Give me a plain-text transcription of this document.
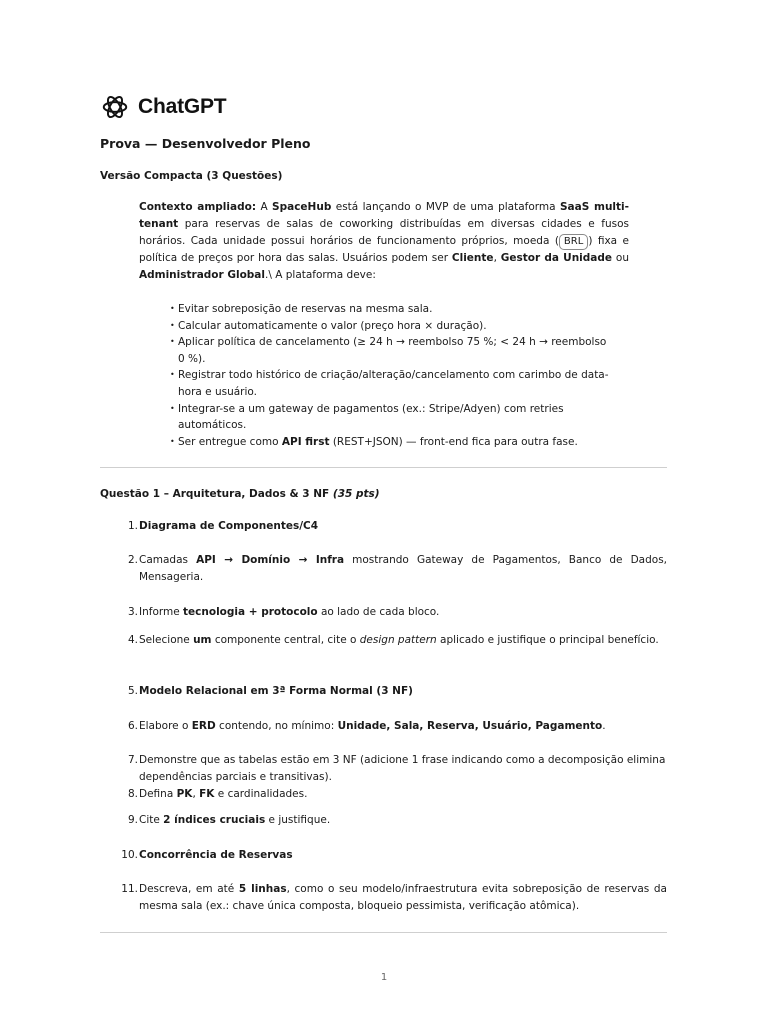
ChatGPT
Prova — Desenvolvedor Pleno
Versão Compacta (3 Questões)
Contexto ampliado: A SpaceHub está lançando o MVP de uma plataforma SaaS multi-tenant para reservas de salas de coworking distribuídas em diversas cidades e fusos horários. Cada unidade possui horários de funcionamento próprios, moeda ( BRL ) fixa e política de preços por hora das salas. Usuários podem ser Cliente, Gestor da Unidade ou Administrador Global.\ A plataforma deve:
• Evitar sobreposição de reservas na mesma sala.
• Calcular automaticamente o valor (preço hora × duração).
• Aplicar política de cancelamento (≥ 24 h → reembolso 75 %; < 24 h → reembolso 0 %).
• Registrar todo histórico de criação/alteração/cancelamento com carimbo de data-hora e usuário.
• Integrar-se a um gateway de pagamentos (ex.: Stripe/Adyen) com retries automáticos.
• Ser entregue como API first (REST+JSON) — front-end fica para outra fase.
Questão 1 – Arquitetura, Dados & 3 NF (35 pts)
1. Diagrama de Componentes/C4
2. Camadas API → Domínio → Infra mostrando Gateway de Pagamentos, Banco de Dados, Mensageria.
3. Informe tecnologia + protocolo ao lado de cada bloco.
4. Selecione um componente central, cite o design pattern aplicado e justifique o principal benefício.
5. Modelo Relacional em 3ª Forma Normal (3 NF)
6. Elabore o ERD contendo, no mínimo: Unidade, Sala, Reserva, Usuário, Pagamento.
7. Demonstre que as tabelas estão em 3 NF (adicione 1 frase indicando como a decomposição elimina dependências parciais e transitivas).
8. Defina PK, FK e cardinalidades.
9. Cite 2 índices cruciais e justifique.
10. Concorrência de Reservas
11. Descreva, em até 5 linhas, como o seu modelo/infraestrutura evita sobreposição de reservas da mesma sala (ex.: chave única composta, bloqueio pessimista, verificação atômica).
1
